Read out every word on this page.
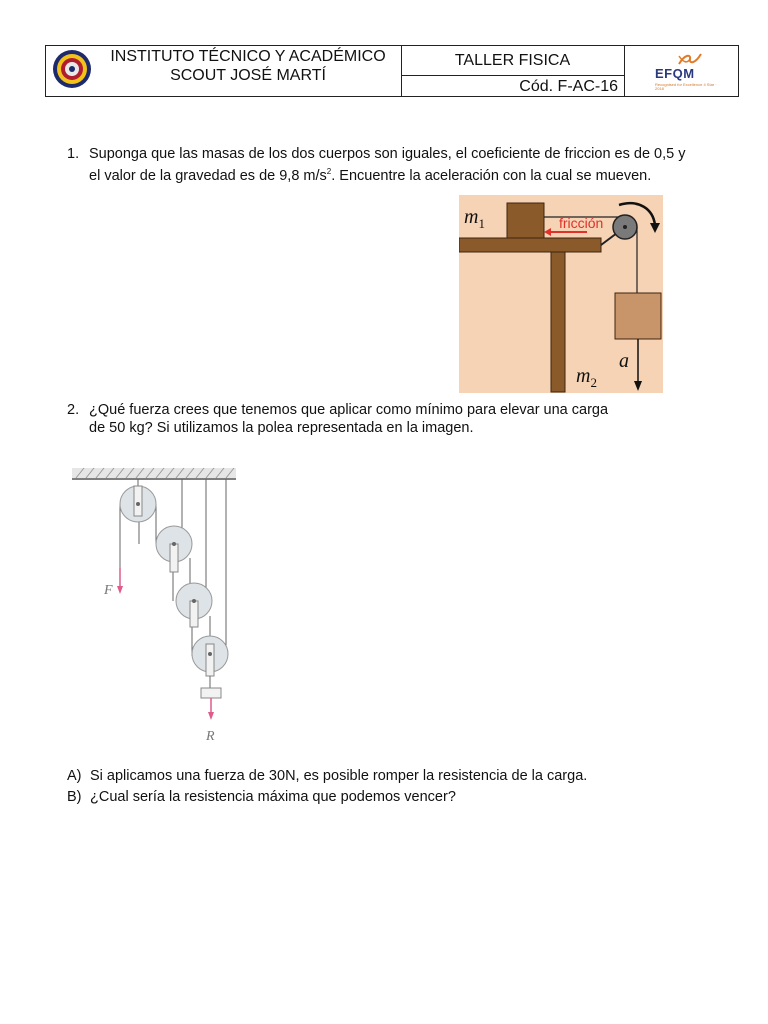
INSTITUTO TÉCNICO Y ACADÉMICO
SCOUT JOSÉ MARTÍ
TALLER FISICA
Cód. F-AC-16
EFQM
Recognised for Excellence 4 Star · 2018
1. Suponga que las masas de los dos cuerpos son iguales, el coeficiente de friccion es de 0,5 y
el valor de la gravedad es de 9,8 $m/s^2$. Encuentre la aceleración con la cual se mueven.
$m_1$	fricción
$m_2$
a
2. ¿Qué fuerza crees que tenemos que aplicar como mínimo para elevar una carga
de 50 kg? Si utilizamos la polea representada en la imagen.
F
R
A) Si aplicamos una fuerza de 30N, es posible romper la resistencia de la carga.
B) ¿Cual sería la resistencia máxima que podemos vencer?
